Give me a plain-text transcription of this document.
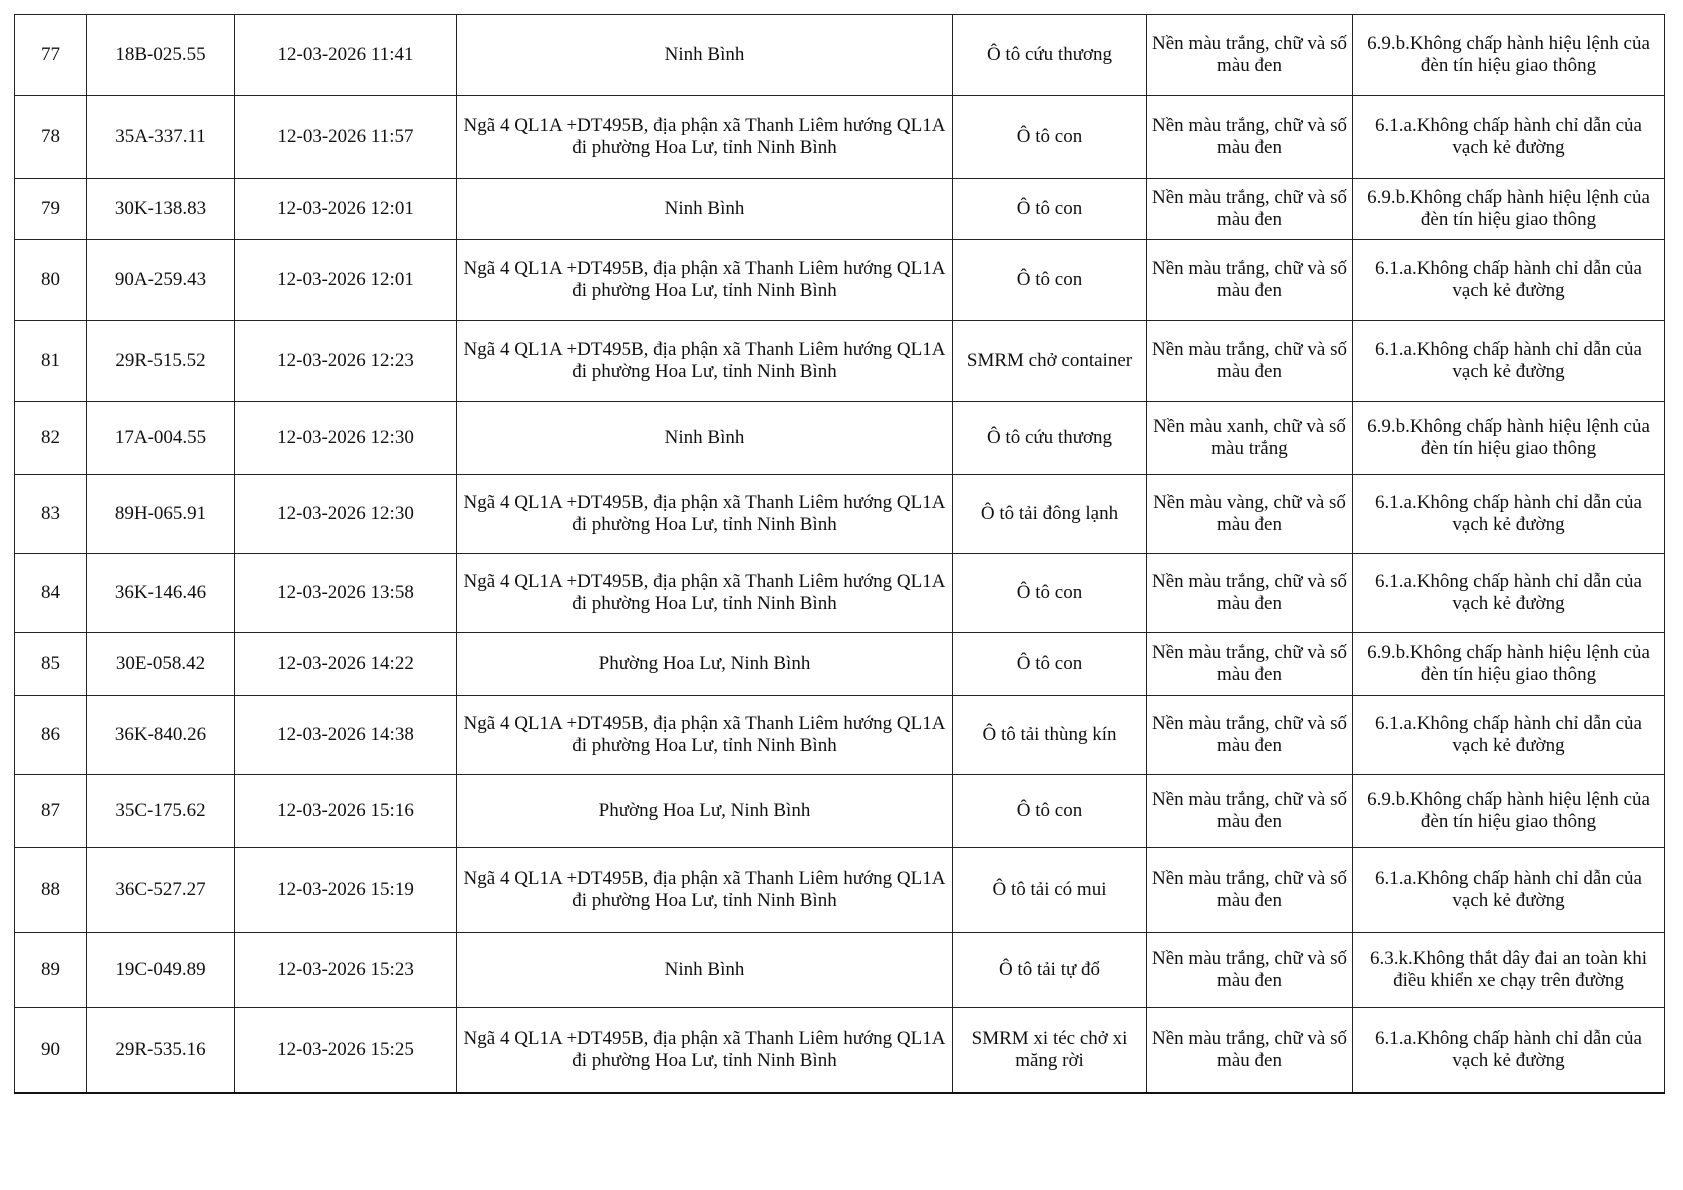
77	18B-025.55	12-03-2026 11:41	Ninh Bình	Ô tô cứu thương	Nền màu trắng, chữ và số màu đen	6.9.b.Không chấp hành hiệu lệnh của đèn tín hiệu giao thông
78	35A-337.11	12-03-2026 11:57	Ngã 4 QL1A +DT495B, địa phận xã Thanh Liêm hướng QL1A đi phường Hoa Lư, tỉnh Ninh Bình	Ô tô con	Nền màu trắng, chữ và số màu đen	6.1.a.Không chấp hành chỉ dẫn của vạch kẻ đường
79	30K-138.83	12-03-2026 12:01	Ninh Bình	Ô tô con	Nền màu trắng, chữ và số màu đen	6.9.b.Không chấp hành hiệu lệnh của đèn tín hiệu giao thông
80	90A-259.43	12-03-2026 12:01	Ngã 4 QL1A +DT495B, địa phận xã Thanh Liêm hướng QL1A đi phường Hoa Lư, tỉnh Ninh Bình	Ô tô con	Nền màu trắng, chữ và số màu đen	6.1.a.Không chấp hành chỉ dẫn của vạch kẻ đường
81	29R-515.52	12-03-2026 12:23	Ngã 4 QL1A +DT495B, địa phận xã Thanh Liêm hướng QL1A đi phường Hoa Lư, tỉnh Ninh Bình	SMRM chở container	Nền màu trắng, chữ và số màu đen	6.1.a.Không chấp hành chỉ dẫn của vạch kẻ đường
82	17A-004.55	12-03-2026 12:30	Ninh Bình	Ô tô cứu thương	Nền màu xanh, chữ và số màu trắng	6.9.b.Không chấp hành hiệu lệnh của đèn tín hiệu giao thông
83	89H-065.91	12-03-2026 12:30	Ngã 4 QL1A +DT495B, địa phận xã Thanh Liêm hướng QL1A đi phường Hoa Lư, tỉnh Ninh Bình	Ô tô tải đông lạnh	Nền màu vàng, chữ và số màu đen	6.1.a.Không chấp hành chỉ dẫn của vạch kẻ đường
84	36K-146.46	12-03-2026 13:58	Ngã 4 QL1A +DT495B, địa phận xã Thanh Liêm hướng QL1A đi phường Hoa Lư, tỉnh Ninh Bình	Ô tô con	Nền màu trắng, chữ và số màu đen	6.1.a.Không chấp hành chỉ dẫn của vạch kẻ đường
85	30E-058.42	12-03-2026 14:22	Phường Hoa Lư, Ninh Bình	Ô tô con	Nền màu trắng, chữ và số màu đen	6.9.b.Không chấp hành hiệu lệnh của đèn tín hiệu giao thông
86	36K-840.26	12-03-2026 14:38	Ngã 4 QL1A +DT495B, địa phận xã Thanh Liêm hướng QL1A đi phường Hoa Lư, tỉnh Ninh Bình	Ô tô tải thùng kín	Nền màu trắng, chữ và số màu đen	6.1.a.Không chấp hành chỉ dẫn của vạch kẻ đường
87	35C-175.62	12-03-2026 15:16	Phường Hoa Lư, Ninh Bình	Ô tô con	Nền màu trắng, chữ và số màu đen	6.9.b.Không chấp hành hiệu lệnh của đèn tín hiệu giao thông
88	36C-527.27	12-03-2026 15:19	Ngã 4 QL1A +DT495B, địa phận xã Thanh Liêm hướng QL1A đi phường Hoa Lư, tỉnh Ninh Bình	Ô tô tải có mui	Nền màu trắng, chữ và số màu đen	6.1.a.Không chấp hành chỉ dẫn của vạch kẻ đường
89	19C-049.89	12-03-2026 15:23	Ninh Bình	Ô tô tải tự đổ	Nền màu trắng, chữ và số màu đen	6.3.k.Không thắt dây đai an toàn khi điều khiển xe chạy trên đường
90	29R-535.16	12-03-2026 15:25	Ngã 4 QL1A +DT495B, địa phận xã Thanh Liêm hướng QL1A đi phường Hoa Lư, tỉnh Ninh Bình	SMRM xi téc chở xi măng rời	Nền màu trắng, chữ và số màu đen	6.1.a.Không chấp hành chỉ dẫn của vạch kẻ đường
